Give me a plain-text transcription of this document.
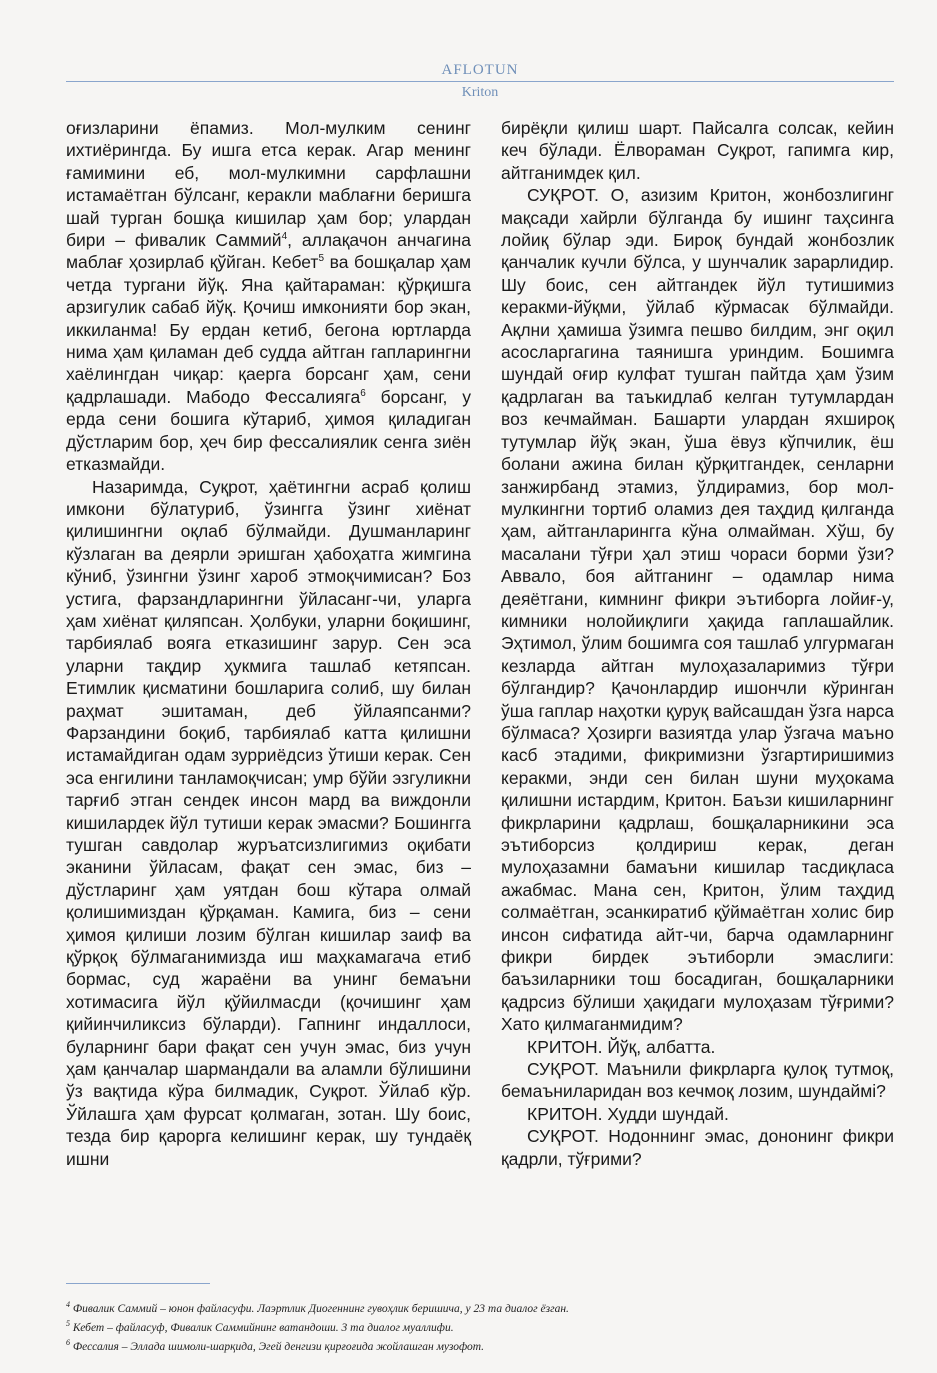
AFLOTUN
Kriton

оғизларини ёпамиз. Мол-мулким сенинг ихтиёрингда. Бу ишга етса керак. Агар менинг ғамимини еб, мол-мулкимни сарфлашни истамаётган бўлсанг, керакли маблағни беришга шай турган бошқа кишилар ҳам бор; улардан бири – фивалик Саммий$^4$, аллақачон анчагина маблағ ҳозирлаб қўйган. Кебет$^5$ ва бошқалар ҳам четда тургани йўқ. Яна қайтараман: қўрқишга арзигулик сабаб йўқ. Қочиш имконияти бор экан, иккиланма! Бу ердан кетиб, бегона юртларда нима ҳам қиламан деб судда айтган гапларингни хаёлингдан чиқар: қаерга борсанг ҳам, сени қадрлашади. Мабодо Фессалияга$^6$ борсанг, у ерда сени бошига кўтариб, ҳимоя қиладиган дўстларим бор, ҳеч бир фессалиялик сенга зиён етказмайди.

Назаримда, Суқрот, ҳаётингни асраб қолиш имкони бўлатуриб, ўзингга ўзинг хиёнат қилишингни оқлаб бўлмайди. Душманларинг кўзлаган ва деярли эришган ҳабоҳатга жимгина кўниб, ўзингни ўзинг хароб этмоқчимисан? Боз устига, фарзандларингни ўйласанг-чи, уларга ҳам хиёнат қиляпсан. Ҳолбуки, уларни боқишинг, тарбиялаб вояга етказишинг зарур. Сен эса уларни тақдир ҳукмига ташлаб кетяпсан. Етимлик қисматини бошларига солиб, шу билан раҳмат эшитаман, деб ўйлаяпсанми? Фарзандини боқиб, тарбиялаб катта қилишни истамайдиган одам зурриёдсиз ўтиши керак. Сен эса енгилини танламоқчисан; умр бўйи эзгуликни тарғиб этган сендек инсон мард ва виждонли кишилардек йўл тутиши керак эмасми? Бошингга тушган савдолар журъатсизлигимиз оқибати эканини ўйласам, фақат сен эмас, биз – дўстларинг ҳам уятдан бош кўтара олмай қолишимиздан қўрқаман. Камига, биз – сени ҳимоя қилиши лозим бўлган кишилар заиф ва қўрқоқ бўлмаганимизда иш маҳкамагача етиб бормас, суд жараёни ва унинг бемаъни хотимасига йўл қўйилмасди (қочишинг ҳам қийинчиликсиз бўларди). Гапнинг индаллоси, буларнинг бари фақат сен учун эмас, биз учун ҳам қанчалар шармандали ва аламли бўлишини ўз вақтида кўра билмадик, Суқрот. Ўйлаб кўр. Ўйлашга ҳам фурсат қолмаган, зотан. Шу боис, тезда бир қарорга келишинг керак, шу тундаёқ ишни

бирёқли қилиш шарт. Пайсалга солсак, кейин кеч бўлади. Ёлвораман Суқрот, гапимга кир, айтганимдек қил.

СУҚРОТ. О, азизим Критон, жонбозлигинг мақсади хайрли бўлганда бу ишинг таҳсинга лойиқ бўлар эди. Бироқ бундай жонбозлик қанчалик кучли бўлса, у шунчалик зарарлидир. Шу боис, сен айтгандек йўл тутишимиз керакми-йўқми, ўйлаб кўрмасак бўлмайди. Ақлни ҳамиша ўзимга пешво билдим, энг оқил асосларгагина таянишга уриндим. Бошимга шундай оғир кулфат тушган пайтда ҳам ўзим қадрлаган ва таъкидлаб келган тутумлардан воз кечмайман. Башарти улардан яхшироқ тутумлар йўқ экан, ўша ёвуз кўпчилик, ёш болани ажина билан қўрқитгандек, сенларни занжирбанд этамиз, ўлдирамиз, бор мол-мулкингни тортиб оламиз дея таҳдид қилганда ҳам, айтганларингга кўна олмайман. Хўш, бу масалани тўғри ҳал этиш чораси борми ўзи? Аввало, боя айтганинг – одамлар нима деяётгани, кимнинг фикри эътиборга лойиғ-у, кимники нолойиқлиги ҳақида гаплашайлик. Эҳтимол, ўлим бошимга соя ташлаб улгурмаган кезларда айтган мулоҳазаларимиз тўғри бўлгандир? Қачонлардир ишончли кўринган ўша гаплар наҳотки қуруқ вайсашдан ўзга нарса бўлмаса? Ҳозирги вазиятда улар ўзгача маъно касб этадими, фикримизни ўзгартиришимиз керакми, энди сен билан шуни муҳокама қилишни истардим, Критон. Баъзи кишиларнинг фикрларини қадрлаш, бошқаларникини эса эътиборсиз қолдириш керак, деган мулоҳазамни бамаъни кишилар тасдиқласа ажабмас. Мана сен, Критон, ўлим таҳдид солмаётган, эсанкиратиб қўймаётган холис бир инсон сифатида айт-чи, барча одамларнинг фикри бирдек эътиборли эмаслиги: баъзиларники тош босадиган, бошқаларники қадрсиз бўлиши ҳақидаги мулоҳазам тўғрими? Хато қилмаганмидим?

КРИТОН. Йўқ, албатта.

СУҚРОТ. Маънили фикрларга қулоқ тутмоқ, бемаъниларидан воз кечмоқ лозим, шундаймi?

КРИТОН. Худди шундай.

СУҚРОТ. Нодоннинг эмас, дононинг фикри қадрли, тўғрими?

$^4$ Фивалик Саммий – юнон файласуфи. Лаэртлик Диогеннинг гувоҳлик беришича, у 23 та диалог ёзган.
$^5$ Кебет – файласуф, Фивалик Саммийнинг ватандоши. 3 та диалог муаллифи.
$^6$ Фессалия – Эллада шимоли-шарқида, Эгей денгизи қирғоғида жойлашган музофот.
